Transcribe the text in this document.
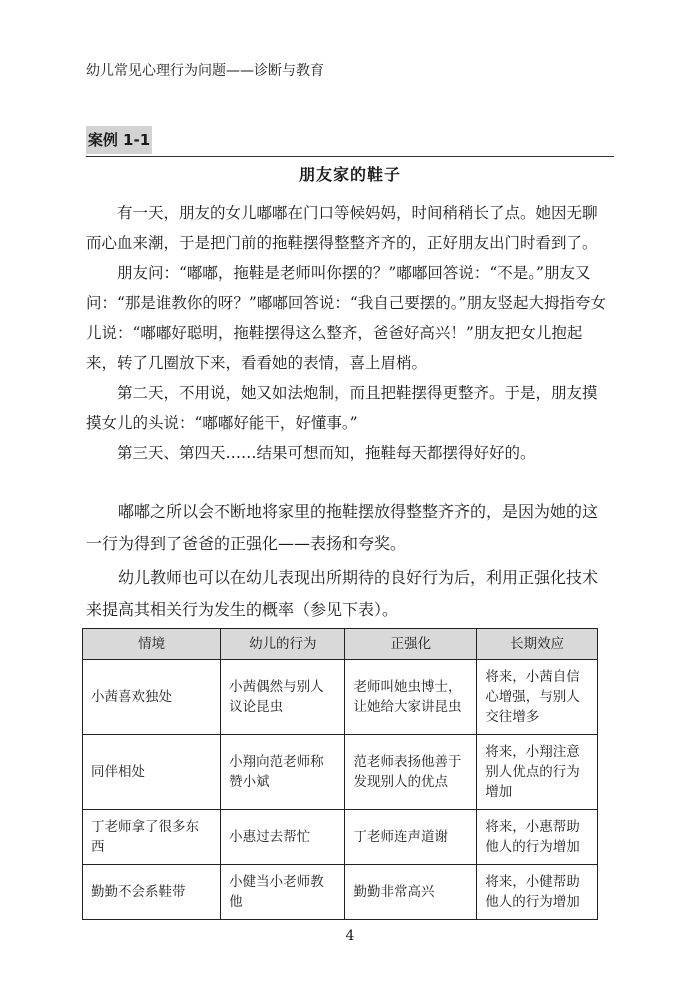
幼儿常见心理行为问题——诊断与教育
案例 1-1
朋友家的鞋子

有一天，朋友的女儿嘟嘟在门口等候妈妈，时间稍稍长了点。她因无聊而心血来潮，于是把门前的拖鞋摆得整整齐齐的，正好朋友出门时看到了。

朋友问：“嘟嘟，拖鞋是老师叫你摆的？”嘟嘟回答说：“不是。”朋友又问：“那是谁教你的呀？”嘟嘟回答说：“我自己要摆的。”朋友竖起大拇指夸女儿说：“嘟嘟好聪明，拖鞋摆得这么整齐，爸爸好高兴！”朋友把女儿抱起来，转了几圈放下来，看看她的表情，喜上眉梢。

第二天，不用说，她又如法炮制，而且把鞋摆得更整齐。于是，朋友摸摸女儿的头说：“嘟嘟好能干，好懂事。”

第三天、第四天……结果可想而知，拖鞋每天都摆得好好的。

嘟嘟之所以会不断地将家里的拖鞋摆放得整整齐齐的，是因为她的这一行为得到了爸爸的正强化——表扬和夸奖。

幼儿教师也可以在幼儿表现出所期待的良好行为后，利用正强化技术来提高其相关行为发生的概率（参见下表）。

情境	幼儿的行为	正强化	长期效应
小茜喜欢独处	小茜偶然与别人议论昆虫	老师叫她虫博士，让她给大家讲昆虫	将来，小茜自信心增强，与别人交往增多
同伴相处	小翔向范老师称赞小斌	范老师表扬他善于发现别人的优点	将来，小翔注意别人优点的行为增加
丁老师拿了很多东西	小惠过去帮忙	丁老师连声道谢	将来，小惠帮助他人的行为增加
勤勤不会系鞋带	小健当小老师教他	勤勤非常高兴	将来，小健帮助他人的行为增加
4
